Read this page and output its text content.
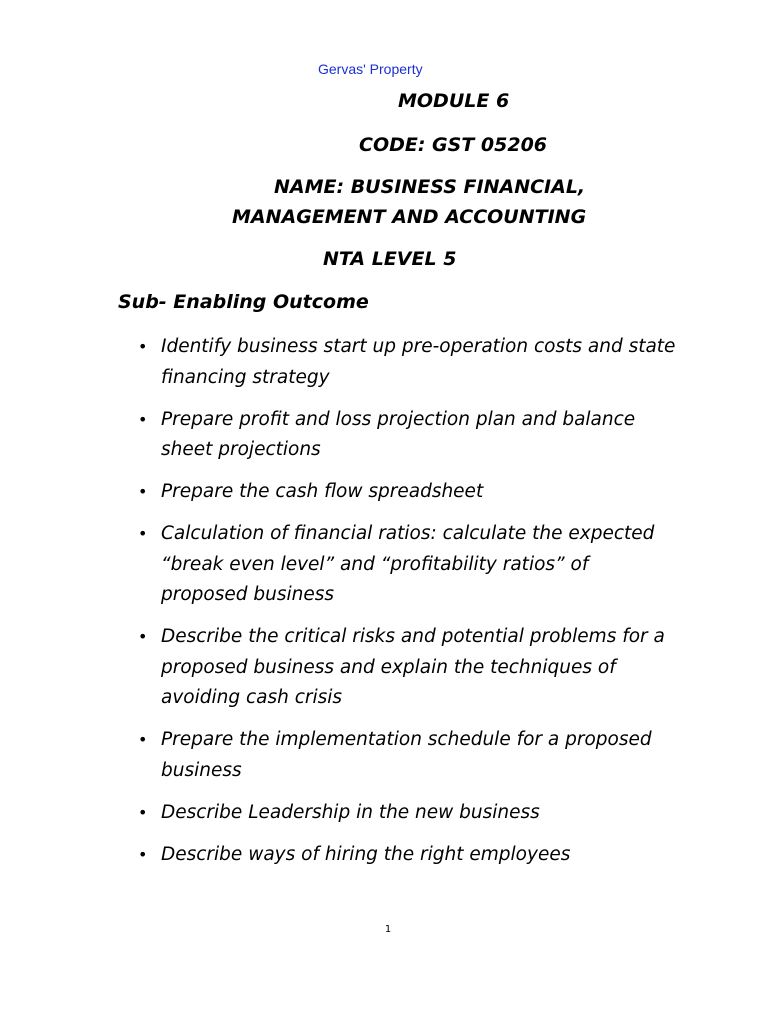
Gervas' Property
MODULE 6
CODE: GST 05206
NAME: BUSINESS FINANCIAL,
MANAGEMENT AND ACCOUNTING
NTA LEVEL 5
Sub- Enabling Outcome
• Identify business start up pre-operation costs and state financing strategy
• Prepare profit and loss projection plan and balance sheet projections
• Prepare the cash flow spreadsheet
• Calculation of financial ratios: calculate the expected “break even level” and “profitability ratios” of proposed business
• Describe the critical risks and potential problems for a proposed business and explain the techniques of avoiding cash crisis
• Prepare the implementation schedule for a proposed business
• Describe Leadership in the new business
• Describe ways of hiring the right employees
1
